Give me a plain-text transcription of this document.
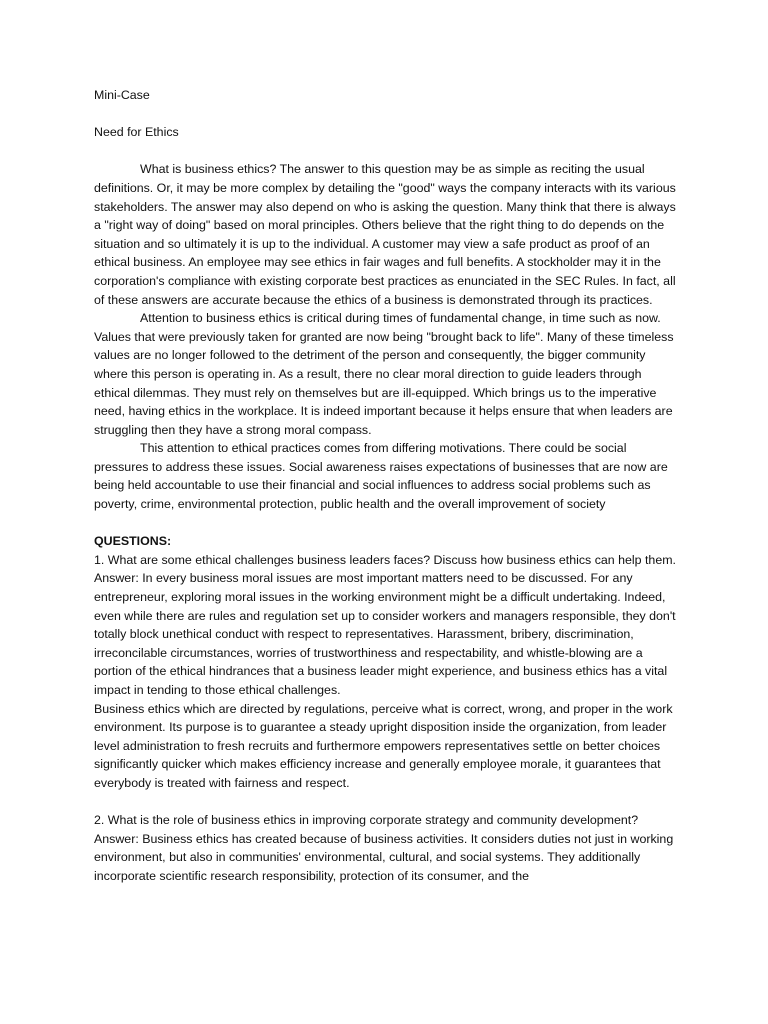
Mini-Case
Need for Ethics

What is business ethics? The answer to this question may be as simple as reciting the usual definitions. Or, it may be more complex by detailing the "good" ways the company interacts with its various stakeholders. The answer may also depend on who is asking the question. Many think that there is always a "right way of doing" based on moral principles. Others believe that the right thing to do depends on the situation and so ultimately it is up to the individual. A customer may view a safe product as proof of an ethical business. An employee may see ethics in fair wages and full benefits. A stockholder may it in the corporation's compliance with existing corporate best practices as enunciated in the SEC Rules. In fact, all of these answers are accurate because the ethics of a business is demonstrated through its practices.

Attention to business ethics is critical during times of fundamental change, in time such as now. Values that were previously taken for granted are now being "brought back to life". Many of these timeless values are no longer followed to the detriment of the person and consequently, the bigger community where this person is operating in. As a result, there no clear moral direction to guide leaders through ethical dilemmas. They must rely on themselves but are ill-equipped. Which brings us to the imperative need, having ethics in the workplace. It is indeed important because it helps ensure that when leaders are struggling then they have a strong moral compass.

This attention to ethical practices comes from differing motivations. There could be social pressures to address these issues. Social awareness raises expectations of businesses that are now are being held accountable to use their financial and social influences to address social problems such as poverty, crime, environmental protection, public health and the overall improvement of society

QUESTIONS:

1. What are some ethical challenges business leaders faces? Discuss how business ethics can help them.

Answer: In every business moral issues are most important matters need to be discussed. For any entrepreneur, exploring moral issues in the working environment might be a difficult undertaking. Indeed, even while there are rules and regulation set up to consider workers and managers responsible, they don't totally block unethical conduct with respect to representatives. Harassment, bribery, discrimination, irreconcilable circumstances, worries of trustworthiness and respectability, and whistle-blowing are a portion of the ethical hindrances that a business leader might experience, and business ethics has a vital impact in tending to those ethical challenges.

Business ethics which are directed by regulations, perceive what is correct, wrong, and proper in the work environment. Its purpose is to guarantee a steady upright disposition inside the organization, from leader level administration to fresh recruits and furthermore empowers representatives settle on better choices significantly quicker which makes efficiency increase and generally employee morale, it guarantees that everybody is treated with fairness and respect.

2. What is the role of business ethics in improving corporate strategy and community development?

Answer: Business ethics has created because of business activities. It considers duties not just in working environment, but also in communities' environmental, cultural, and social systems. They additionally incorporate scientific research responsibility, protection of its consumer, and the
